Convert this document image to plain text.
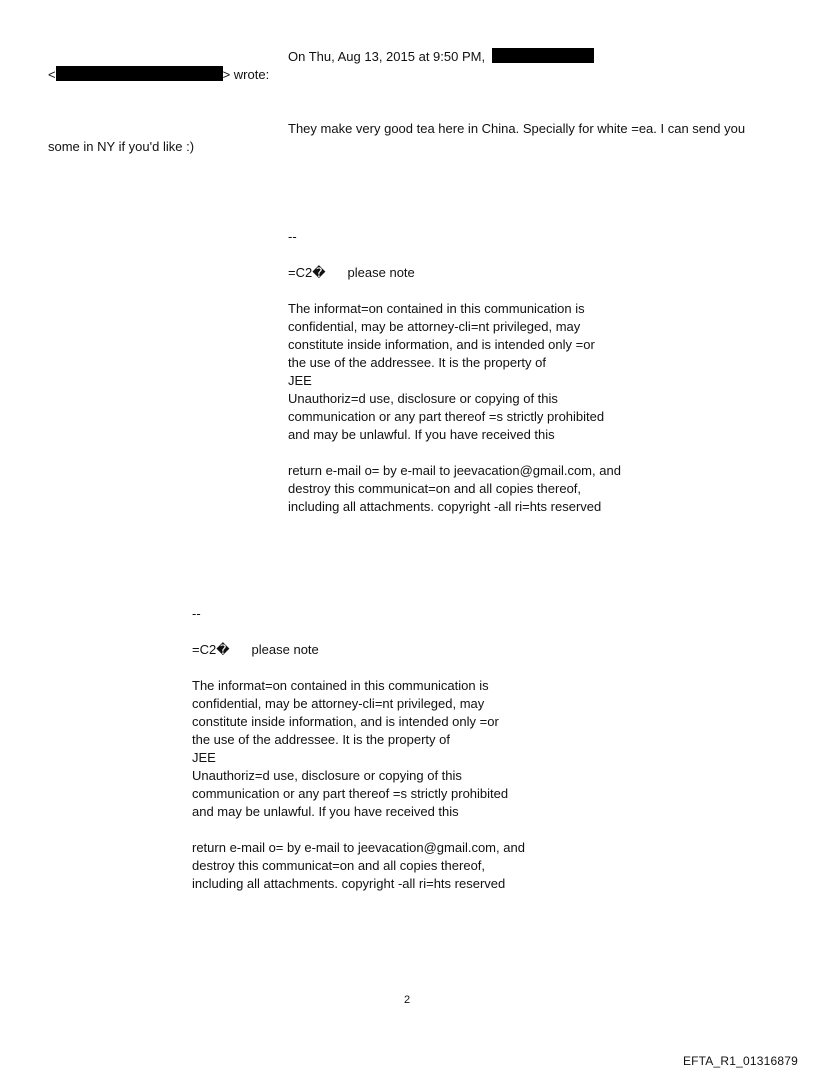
On Thu, Aug 13, 2015 at 9:50 PM,
<	> wrote:
They make very good tea here in China. Specially for white =ea. I can send you
some in NY if you'd like :)
--
=C2� please note
The informat=on contained in this communication is
confidential, may be attorney-cli=nt privileged, may
constitute inside information, and is intended only =or
the use of the addressee. It is the property of
JEE
Unauthoriz=d use, disclosure or copying of this
communication or any part thereof =s strictly prohibited
and may be unlawful. If you have received this
return e-mail o= by e-mail to jeevacation@gmail.com, and
destroy this communicat=on and all copies thereof,
including all attachments. copyright -all ri=hts reserved
--
=C2� please note
The informat=on contained in this communication is
confidential, may be attorney-cli=nt privileged, may
constitute inside information, and is intended only =or
the use of the addressee. It is the property of
JEE
Unauthoriz=d use, disclosure or copying of this
communication or any part thereof =s strictly prohibited
and may be unlawful. If you have received this
return e-mail o= by e-mail to jeevacation@gmail.com, and
destroy this communicat=on and all copies thereof,
including all attachments. copyright -all ri=hts reserved
2
EFTA_R1_01316879
